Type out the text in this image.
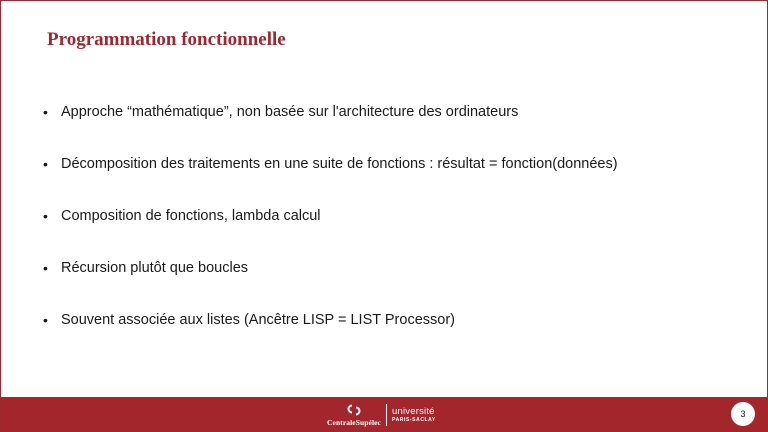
Programmation fonctionnelle
• Approche “mathématique”, non basée sur l'architecture des ordinateurs
• Décomposition des traitements en une suite de fonctions : résultat = fonction(données)
• Composition de fonctions, lambda calcul
• Récursion plutôt que boucles
• Souvent associée aux listes (Ancêtre LISP = LIST Processor)
CentraleSupélec
université
PARIS-SACLAY
3
